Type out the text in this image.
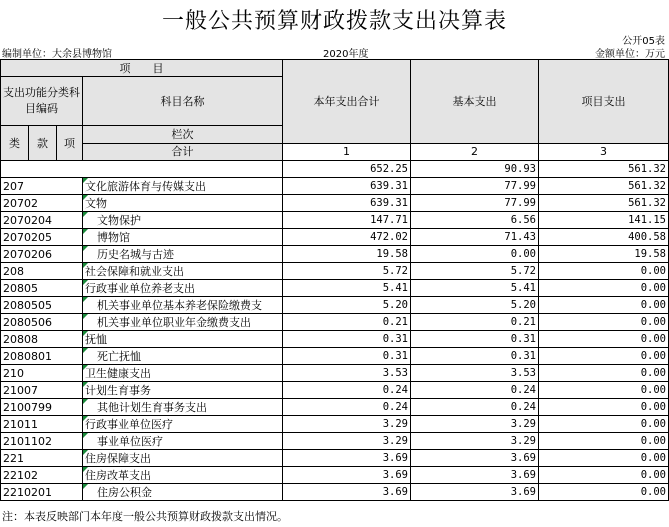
一般公共预算财政拨款支出决算表
公开05表
编制单位：大余县博物馆	2020年度	金额单位：万元
项　　目				本年支出合计	基本支出	项目支出
支出功能分类科目编码			科目名称			

类	款	项	栏次			
			合计	1	2	3
				652.25	90.93	561.32
207			文化旅游体育与传媒支出	639.31	77.99	561.32
20702			文物	639.31	77.99	561.32
2070204			文物保护	147.71	6.56	141.15
2070205			博物馆	472.02	71.43	400.58
2070206			历史名城与古迹	19.58	0.00	19.58
208			社会保障和就业支出	5.72	5.72	0.00
20805			行政事业单位养老支出	5.41	5.41	0.00
2080505			机关事业单位基本养老保险缴费支	5.20	5.20	0.00
2080506			机关事业单位职业年金缴费支出	0.21	0.21	0.00
20808			抚恤	0.31	0.31	0.00
2080801			死亡抚恤	0.31	0.31	0.00
210			卫生健康支出	3.53	3.53	0.00
21007			计划生育事务	0.24	0.24	0.00
2100799			其他计划生育事务支出	0.24	0.24	0.00
21011			行政事业单位医疗	3.29	3.29	0.00
2101102			事业单位医疗	3.29	3.29	0.00
221			住房保障支出	3.69	3.69	0.00
22102			住房改革支出	3.69	3.69	0.00
2210201			住房公积金	3.69	3.69	0.00
注：本表反映部门本年度一般公共预算财政拨款支出情况。
